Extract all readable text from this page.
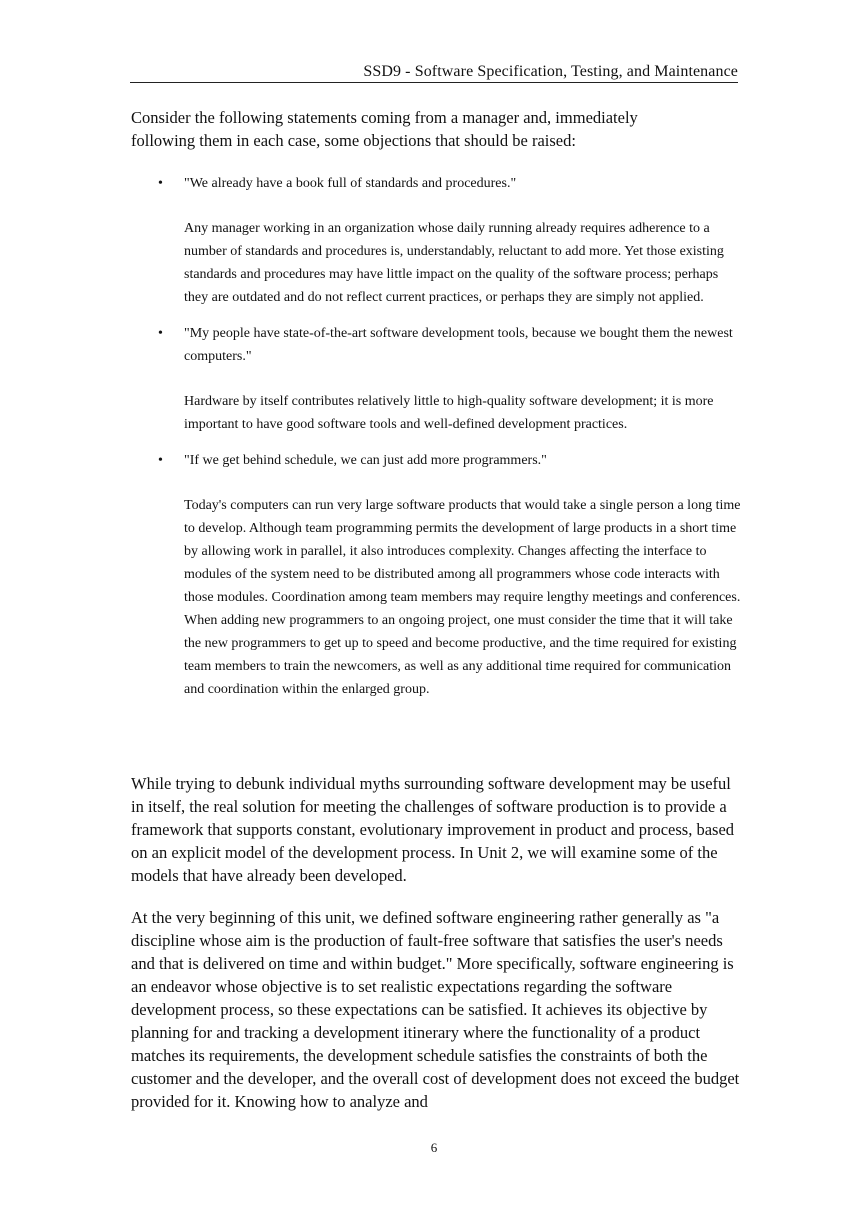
SSD9 - Software Specification, Testing, and Maintenance

Consider the following statements coming from a manager and, immediately following them in each case, some objections that should be raised:

• "We already have a book full of standards and procedures."

Any manager working in an organization whose daily running already requires adherence to a number of standards and procedures is, understandably, reluctant to add more. Yet those existing standards and procedures may have little impact on the quality of the software process; perhaps they are outdated and do not reflect current practices, or perhaps they are simply not applied.

• "My people have state-of-the-art software development tools, because we bought them the newest computers."

Hardware by itself contributes relatively little to high-quality software development; it is more important to have good software tools and well-defined development practices.

• "If we get behind schedule, we can just add more programmers."

Today's computers can run very large software products that would take a single person a long time to develop. Although team programming permits the development of large products in a short time by allowing work in parallel, it also introduces complexity. Changes affecting the interface to modules of the system need to be distributed among all programmers whose code interacts with those modules. Coordination among team members may require lengthy meetings and conferences. When adding new programmers to an ongoing project, one must consider the time that it will take the new programmers to get up to speed and become productive, and the time required for existing team members to train the newcomers, as well as any additional time required for communication and coordination within the enlarged group.

While trying to debunk individual myths surrounding software development may be useful in itself, the real solution for meeting the challenges of software production is to provide a framework that supports constant, evolutionary improvement in product and process, based on an explicit model of the development process. In Unit 2, we will examine some of the models that have already been developed.

At the very beginning of this unit, we defined software engineering rather generally as "a discipline whose aim is the production of fault-free software that satisfies the user's needs and that is delivered on time and within budget." More specifically, software engineering is an endeavor whose objective is to set realistic expectations regarding the software development process, so these expectations can be satisfied. It achieves its objective by planning for and tracking a development itinerary where the functionality of a product matches its requirements, the development schedule satisfies the constraints of both the customer and the developer, and the overall cost of development does not exceed the budget provided for it. Knowing how to analyze and

6
